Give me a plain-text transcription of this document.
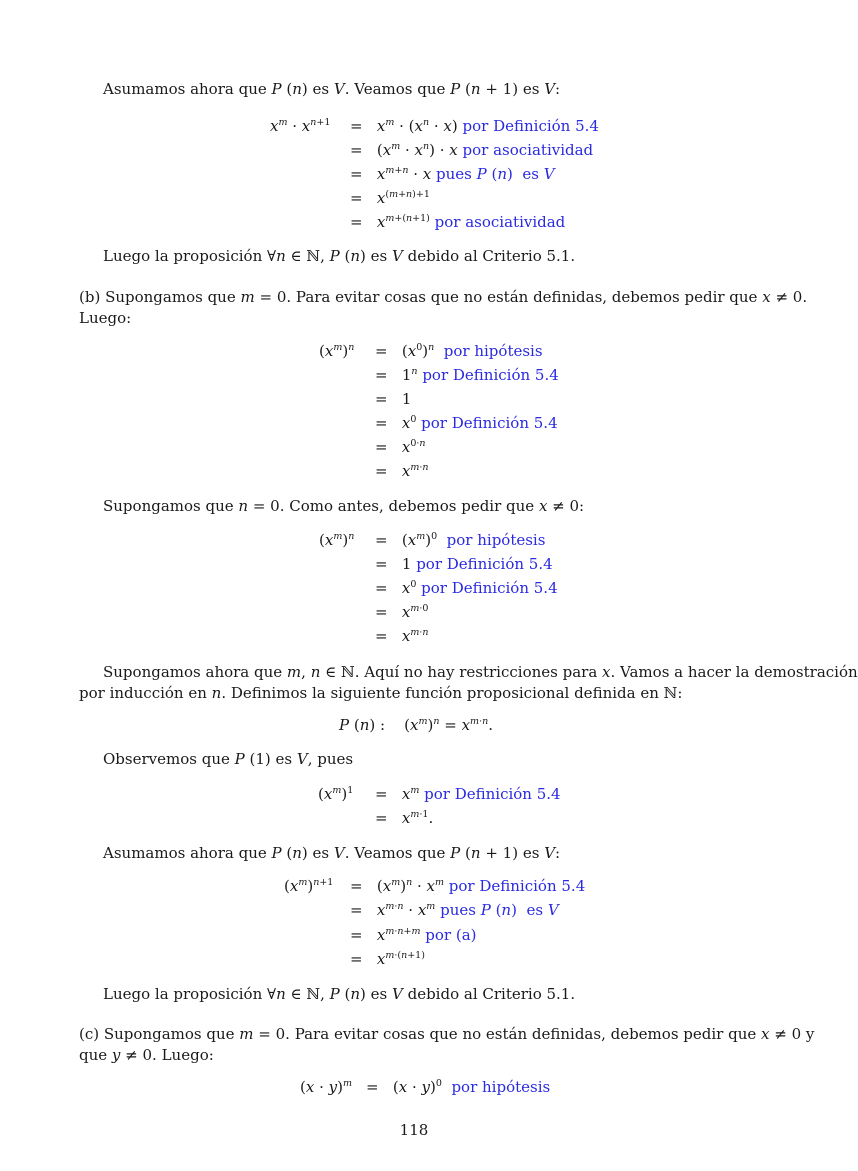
Asumamos ahora que P (n) es V. Veamos que P (n + 1) es V:
$x^m \cdot x^{n+1} = x^m \cdot (x^n \cdot x)$ por Definición 5.4
=   $(x^m \cdot x^n) \cdot x$ por asociatividad
=   $x^{m+n} \cdot x$ pues P (n)  es V
=   $x^{(m+n)+1}$
=   $x^{m+(n+1)}$ por asociatividad
Luego la proposición ∀n ∈ ℕ, P (n) es V debido al Criterio 5.1.
(b) Supongamos que m = 0. Para evitar cosas que no están definidas, debemos pedir que x ≠ 0.
Luego:
$(x^m)^n = (x^0)^n$ por hipótesis
=   1$^n$ por Definición 5.4
=   1
=   $x^0$ por Definición 5.4
=   $x^{0\cdot n}$
=   $x^{m\cdot n}$
Supongamos que n = 0. Como antes, debemos pedir que x ≠ 0:
$(x^m)^n = (x^m)^0$ por hipótesis
=   1 por Definición 5.4
=   $x^0$ por Definición 5.4
=   $x^{m\cdot 0}$
=   $x^{m\cdot n}$
Supongamos ahora que m, n ∈ ℕ. Aquí no hay restricciones para x. Vamos a hacer la demostración
por inducción en n. Definimos la siguiente función proposicional definida en ℕ:
P (n) :    $(x^m)^n = x^{m\cdot n}$.
Observemos que P (1) es V, pues
$(x^m)^1 = x^m$ por Definición 5.4
=   $x^{m\cdot 1}$.
Asumamos ahora que P (n) es V. Veamos que P (n + 1) es V:
$(x^m)^{n+1} = (x^m)^n \cdot x^m$ por Definición 5.4
=   $x^{m\cdot n} \cdot x^m$ pues P (n)  es V
=   $x^{m\cdot n+m}$ por (a)
=   $x^{m\cdot(n+1)}$
Luego la proposición ∀n ∈ ℕ, P (n) es V debido al Criterio 5.1.
(c) Supongamos que m = 0. Para evitar cosas que no están definidas, debemos pedir que x ≠ 0 y
que y ≠ 0. Luego:
$(x \cdot y)^m = (x \cdot y)^0$ por hipótesis
118
